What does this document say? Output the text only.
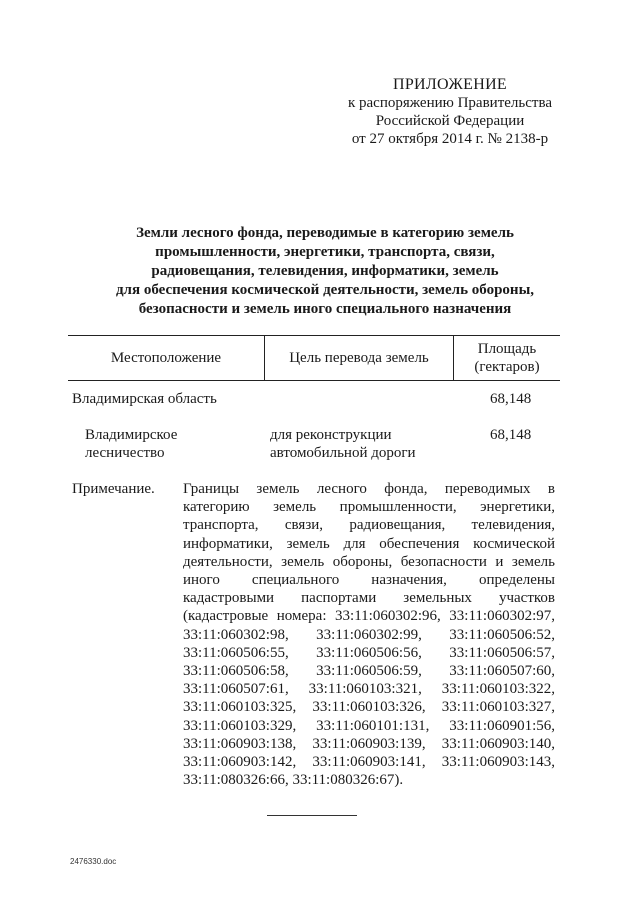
ПРИЛОЖЕНИЕ
к распоряжению Правительства
Российской Федерации
от 27 октября 2014 г. № 2138-р
Земли лесного фонда, переводимые в категорию земель
промышленности, энергетики, транспорта, связи,
радиовещания, телевидения, информатики, земель
для обеспечения космической деятельности, земель обороны,
безопасности и земель иного специального назначения
Местоположение	Цель перевода земель
Площадь
(гектаров)
Владимирская область	68,148
Владимирское
лесничество
для реконструкции
автомобильной дороги
68,148
Примечание. Границы земель лесного фонда, переводимых в категорию земель промышленности, энергетики, транспорта, связи, радиовещания, телевидения, информатики, земель для обеспечения космической деятельности, земель обороны, безопасности и земель иного специального назначения, определены кадастровыми паспортами земельных участков (кадастровые номера: 33:11:060302:96, 33:11:060302:97, 33:11:060302:98, 33:11:060302:99, 33:11:060506:52, 33:11:060506:55, 33:11:060506:56, 33:11:060506:57, 33:11:060506:58, 33:11:060506:59, 33:11:060507:60, 33:11:060507:61, 33:11:060103:321, 33:11:060103:322, 33:11:060103:325, 33:11:060103:326, 33:11:060103:327, 33:11:060103:329, 33:11:060101:131, 33:11:060901:56, 33:11:060903:138, 33:11:060903:139, 33:11:060903:140, 33:11:060903:142, 33:11:060903:141, 33:11:060903:143, 33:11:080326:66, 33:11:080326:67).
2476330.doc
